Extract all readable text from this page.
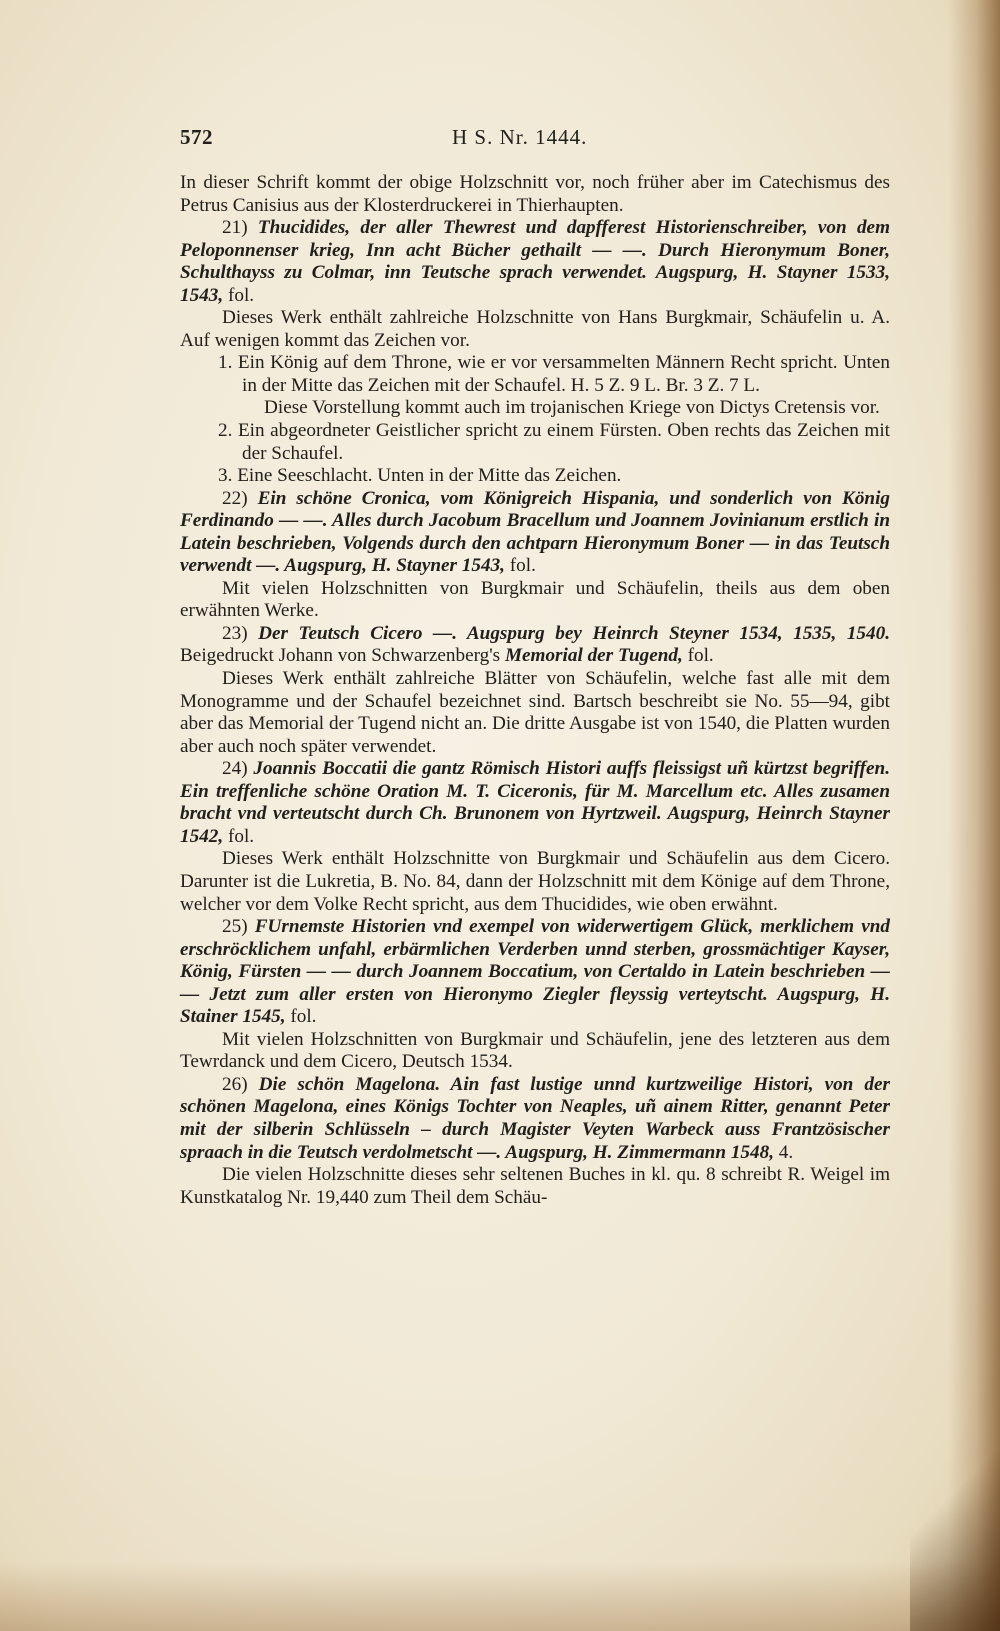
572	H S. Nr. 1444.

In dieser Schrift kommt der obige Holzschnitt vor, noch früher aber im Catechismus des Petrus Canisius aus der Klosterdruckerei in Thierhaupten.

21) Thucidides, der aller Thewrest und dapfferest Historienschreiber, von dem Peloponnenser krieg, Inn acht Bücher gethailt — —. Durch Hieronymum Boner, Schulthayss zu Colmar, inn Teutsche sprach verwendet. Augspurg, H. Stayner 1533, 1543, fol.

Dieses Werk enthält zahlreiche Holzschnitte von Hans Burgkmair, Schäufelin u. A. Auf wenigen kommt das Zeichen vor.

1. Ein König auf dem Throne, wie er vor versammelten Männern Recht spricht. Unten in der Mitte das Zeichen mit der Schaufel. H. 5 Z. 9 L. Br. 3 Z. 7 L.

Diese Vorstellung kommt auch im trojanischen Kriege von Dictys Cretensis vor.

2. Ein abgeordneter Geistlicher spricht zu einem Fürsten. Oben rechts das Zeichen mit der Schaufel.

3. Eine Seeschlacht. Unten in der Mitte das Zeichen.

22) Ein schöne Cronica, vom Königreich Hispania, und sonderlich von König Ferdinando — —. Alles durch Jacobum Bracellum und Joannem Jovinianum erstlich in Latein beschrieben, Volgends durch den achtparn Hieronymum Boner — in das Teutsch verwendt —. Augspurg, H. Stayner 1543, fol.

Mit vielen Holzschnitten von Burgkmair und Schäufelin, theils aus dem oben erwähnten Werke.

23) Der Teutsch Cicero —. Augspurg bey Heinrch Steyner 1534, 1535, 1540. Beigedruckt Johann von Schwarzenberg's Memorial der Tugend, fol.

Dieses Werk enthält zahlreiche Blätter von Schäufelin, welche fast alle mit dem Monogramme und der Schaufel bezeichnet sind. Bartsch beschreibt sie No. 55—94, gibt aber das Memorial der Tugend nicht an. Die dritte Ausgabe ist von 1540, die Platten wurden aber auch noch später verwendet.

24) Joannis Boccatii die gantz Römisch Histori auffs fleissigst uñ kürtzst begriffen. Ein treffenliche schöne Oration M. T. Ciceronis, für M. Marcellum etc. Alles zusamen bracht vnd verteutscht durch Ch. Brunonem von Hyrtzweil. Augspurg, Heinrch Stayner 1542, fol.

Dieses Werk enthält Holzschnitte von Burgkmair und Schäufelin aus dem Cicero. Darunter ist die Lukretia, B. No. 84, dann der Holzschnitt mit dem Könige auf dem Throne, welcher vor dem Volke Recht spricht, aus dem Thucidides, wie oben erwähnt.

25) FUrnemste Historien vnd exempel von widerwertigem Glück, merklichem vnd erschröcklichem unfahl, erbärmlichen Verderben unnd sterben, grossmächtiger Kayser, König, Fürsten — — durch Joannem Boccatium, von Certaldo in Latein beschrieben — — Jetzt zum aller ersten von Hieronymo Ziegler fleyssig verteytscht. Augspurg, H. Stainer 1545, fol.

Mit vielen Holzschnitten von Burgkmair und Schäufelin, jene des letzteren aus dem Tewrdanck und dem Cicero, Deutsch 1534.

26) Die schön Magelona. Ain fast lustige unnd kurtzweilige Histori, von der schönen Magelona, eines Königs Tochter von Neaples, uñ ainem Ritter, genannt Peter mit der silberin Schlüsseln – durch Magister Veyten Warbeck auss Frantzösischer spraach in die Teutsch verdolmetscht —. Augspurg, H. Zimmermann 1548, 4.

Die vielen Holzschnitte dieses sehr seltenen Buches in kl. qu. 8 schreibt R. Weigel im Kunstkatalog Nr. 19,440 zum Theil dem Schäu-
